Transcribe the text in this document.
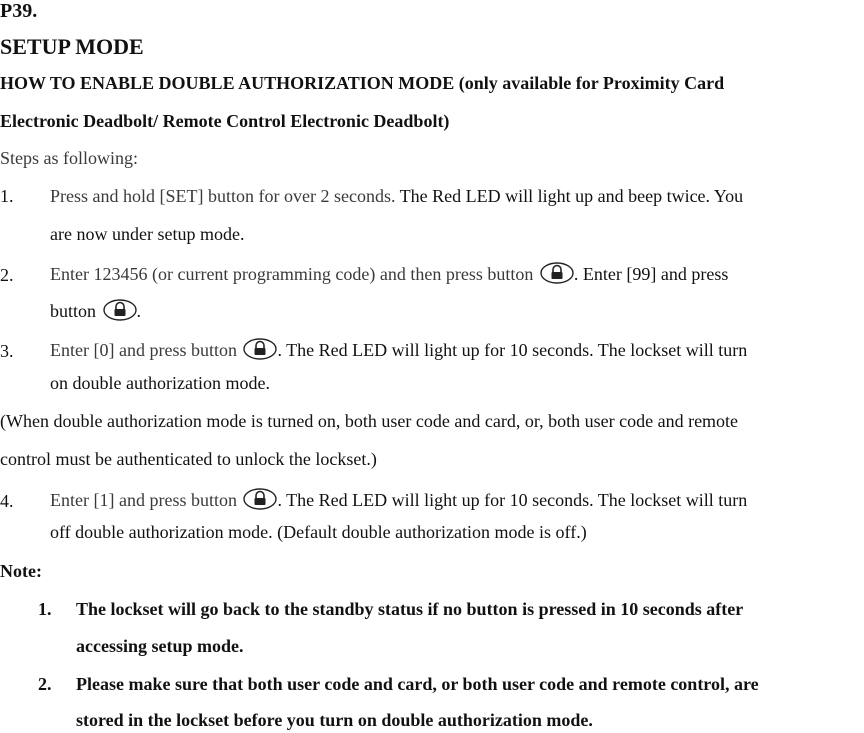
P39.
SETUP MODE
HOW TO ENABLE DOUBLE AUTHORIZATION MODE (only available for Proximity Card
Electronic Deadbolt/ Remote Control Electronic Deadbolt)
Steps as following:
1. Press and hold [SET] button for over 2 seconds. The Red LED will light up and beep twice. You
are now under setup mode.
2. Enter 123456 (or current programming code) and then press button . Enter [99] and press
button .
3. Enter [0] and press button . The Red LED will light up for 10 seconds. The lockset will turn
on double authorization mode.
(When double authorization mode is turned on, both user code and card, or, both user code and remote
control must be authenticated to unlock the lockset.)
4. Enter [1] and press button . The Red LED will light up for 10 seconds. The lockset will turn
off double authorization mode. (Default double authorization mode is off.)
Note:
1. The lockset will go back to the standby status if no button is pressed in 10 seconds after
accessing setup mode.
2. Please make sure that both user code and card, or both user code and remote control, are
stored in the lockset before you turn on double authorization mode.
